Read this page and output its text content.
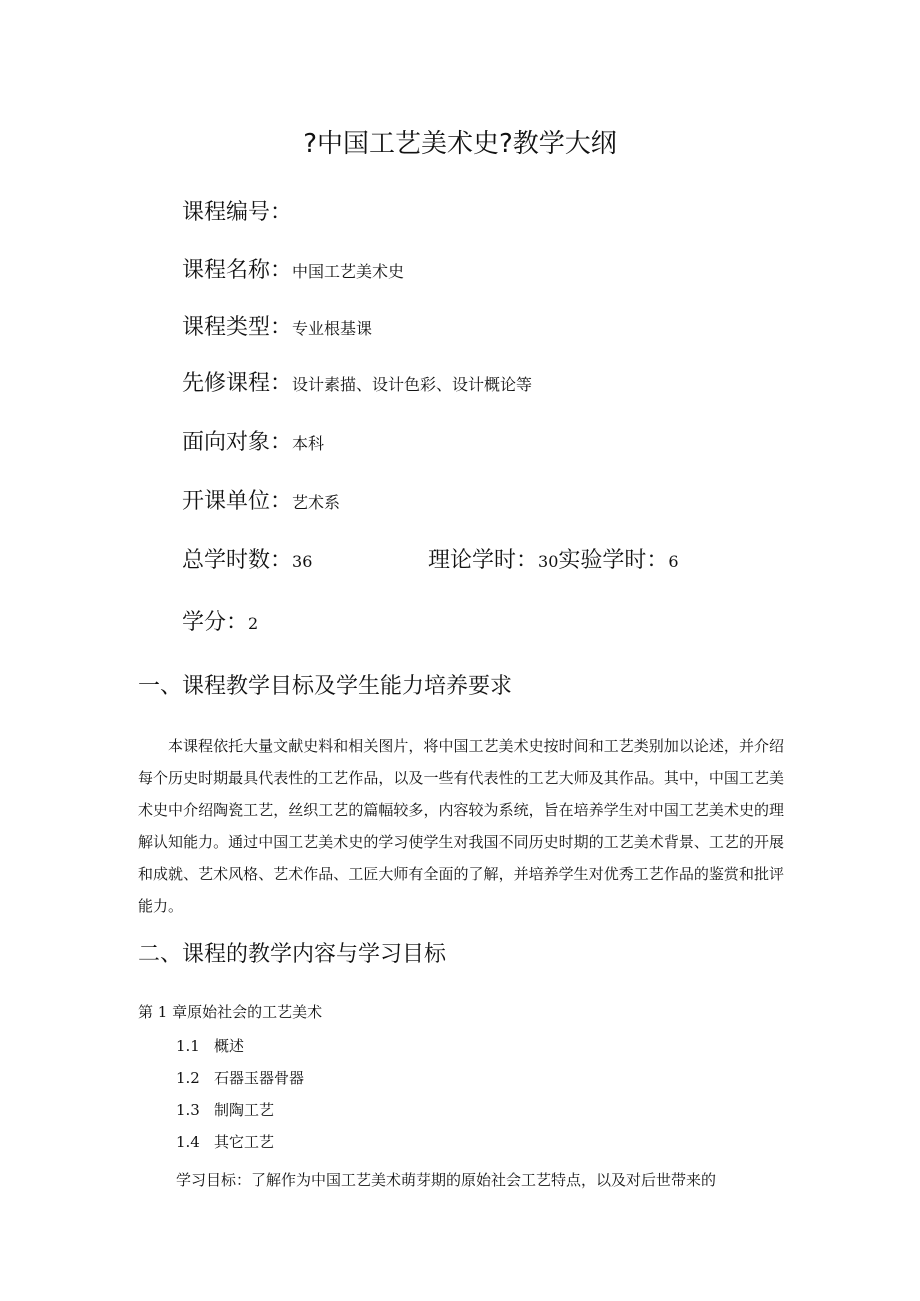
?中国工艺美术史?教学大纲
课程编号：
课程名称： 中国工艺美术史
课程类型： 专业根基课
先修课程： 设计素描、设计色彩、设计概论等
面向对象： 本科
开课单位： 艺术系
总学时数： 36	理论学时： 30 实验学时： 6
学分： 2
一、课程教学目标及学生能力培养要求

本课程依托大量文献史料和相关图片，将中国工艺美术史按时间和工艺类别加以论述，并介绍每个历史时期最具代表性的工艺作品，以及一些有代表性的工艺大师及其作品。其中，中国工艺美术史中介绍陶瓷工艺，丝织工艺的篇幅较多，内容较为系统，旨在培养学生对中国工艺美术史的理解认知能力。通过中国工艺美术史的学习使学生对我国不同历史时期的工艺美术背景、工艺的开展和成就、艺术风格、艺术作品、工匠大师有全面的了解，并培养学生对优秀工艺作品的鉴赏和批评能力。

二、课程的教学内容与学习目标
第 1 章原始社会的工艺美术
1.1 概述
1.2 石器玉器骨器
1.3 制陶工艺
1.4 其它工艺
学习目标：了解作为中国工艺美术萌芽期的原始社会工艺特点，以及对后世带来的
